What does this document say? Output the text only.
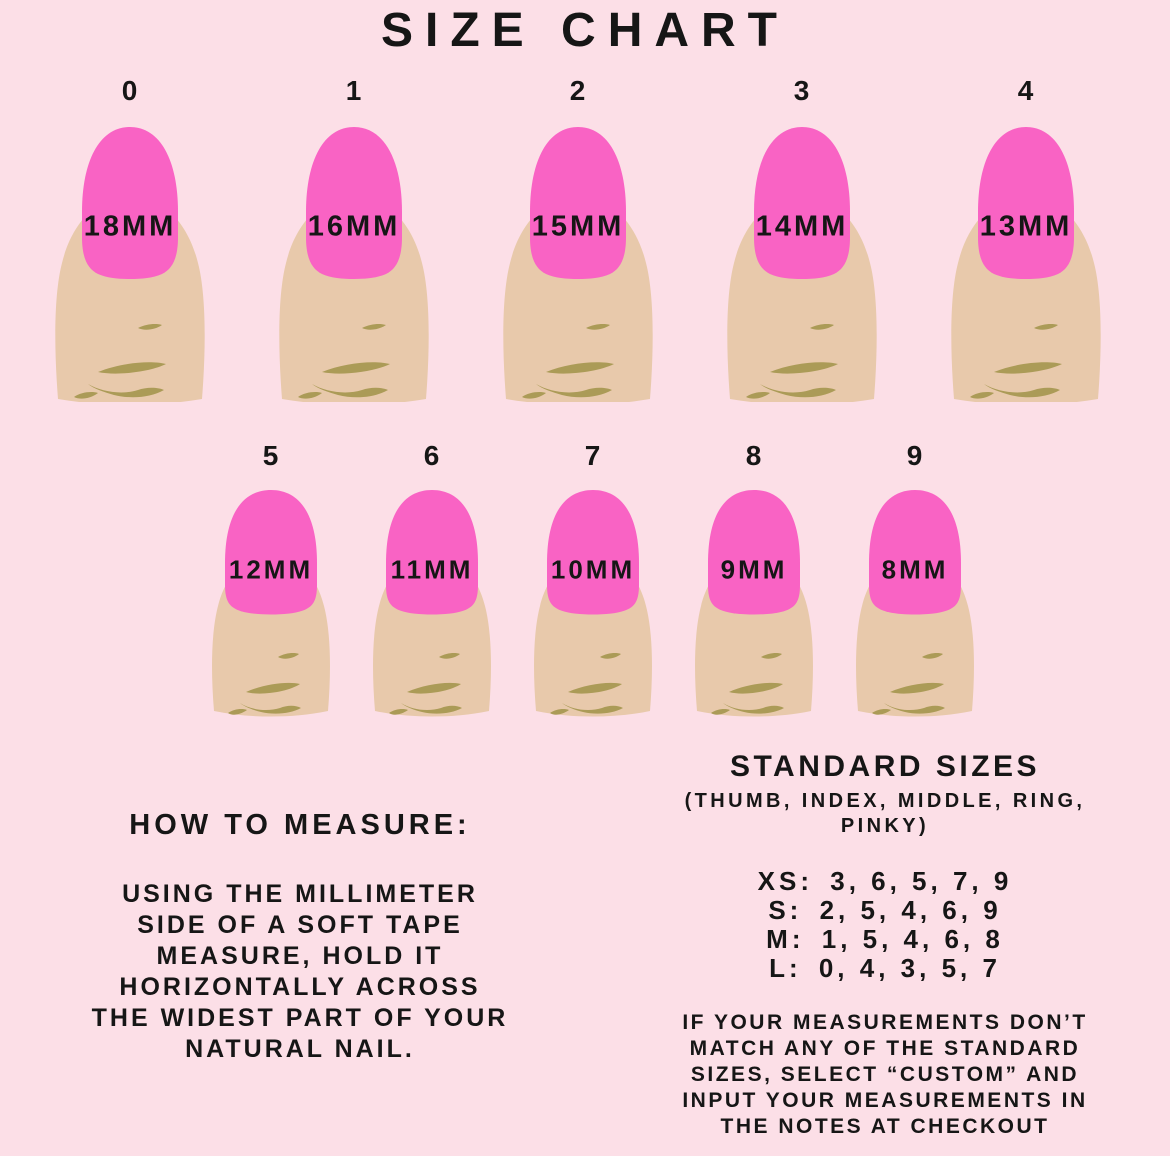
SIZE CHART
0
18MM
1
16MM
2
15MM
3
14MM
4
13MM
5
12MM
6
11MM
7
10MM
8
9MM
9
8MM
HOW TO MEASURE:
USING THE MILLIMETER
SIDE OF A SOFT TAPE
MEASURE, HOLD IT
HORIZONTALLY ACROSS
THE WIDEST PART OF YOUR
NATURAL NAIL.
STANDARD SIZES
(THUMB, INDEX, MIDDLE, RING,
PINKY)
XS: 3, 6, 5, 7, 9
S: 2, 5, 4, 6, 9
M: 1, 5, 4, 6, 8
L: 0, 4, 3, 5, 7
IF YOUR MEASUREMENTS DON’T
MATCH ANY OF THE STANDARD
SIZES, SELECT “CUSTOM” AND
INPUT YOUR MEASUREMENTS IN
THE NOTES AT CHECKOUT
